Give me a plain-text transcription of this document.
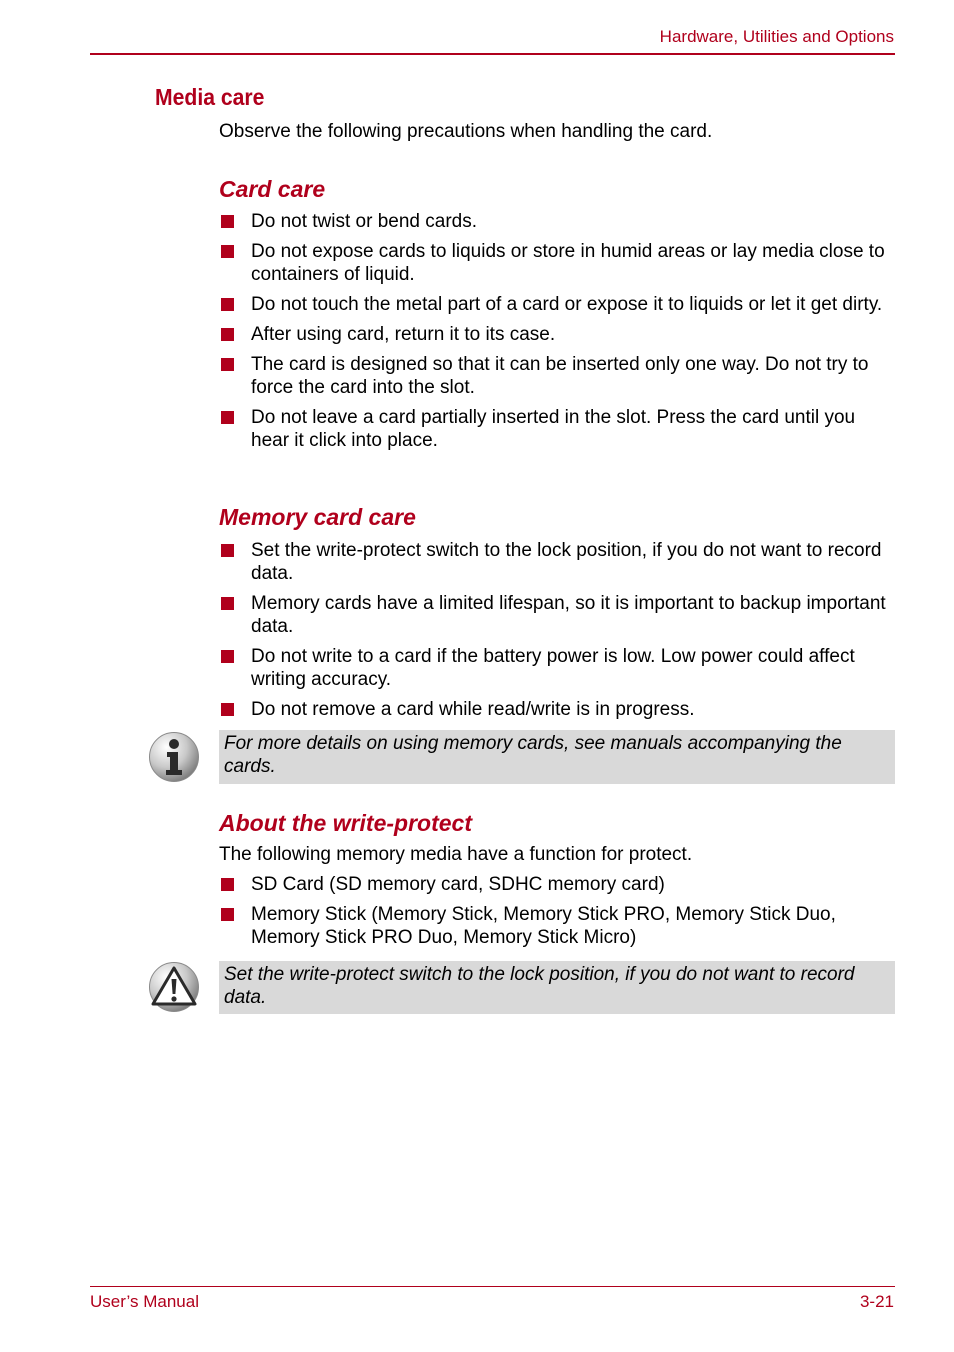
Hardware, Utilities and Options
Media care
Observe the following precautions when handling the card.
Card care
Do not twist or bend cards.
Do not expose cards to liquids or store in humid areas or lay media close to containers of liquid.
Do not touch the metal part of a card or expose it to liquids or let it get dirty.
After using card, return it to its case.
The card is designed so that it can be inserted only one way. Do not try to force the card into the slot.
Do not leave a card partially inserted in the slot. Press the card until you hear it click into place.
Memory card care
Set the write-protect switch to the lock position, if you do not want to record data.
Memory cards have a limited lifespan, so it is important to backup important data.
Do not write to a card if the battery power is low. Low power could affect writing accuracy.
Do not remove a card while read/write is in progress.
For more details on using memory cards, see manuals accompanying the cards.
About the write-protect
The following memory media have a function for protect.
SD Card (SD memory card, SDHC memory card)
Memory Stick (Memory Stick, Memory Stick PRO, Memory Stick Duo, Memory Stick PRO Duo, Memory Stick Micro)
Set the write-protect switch to the lock position, if you do not want to record data.
User’s Manual	3-21
